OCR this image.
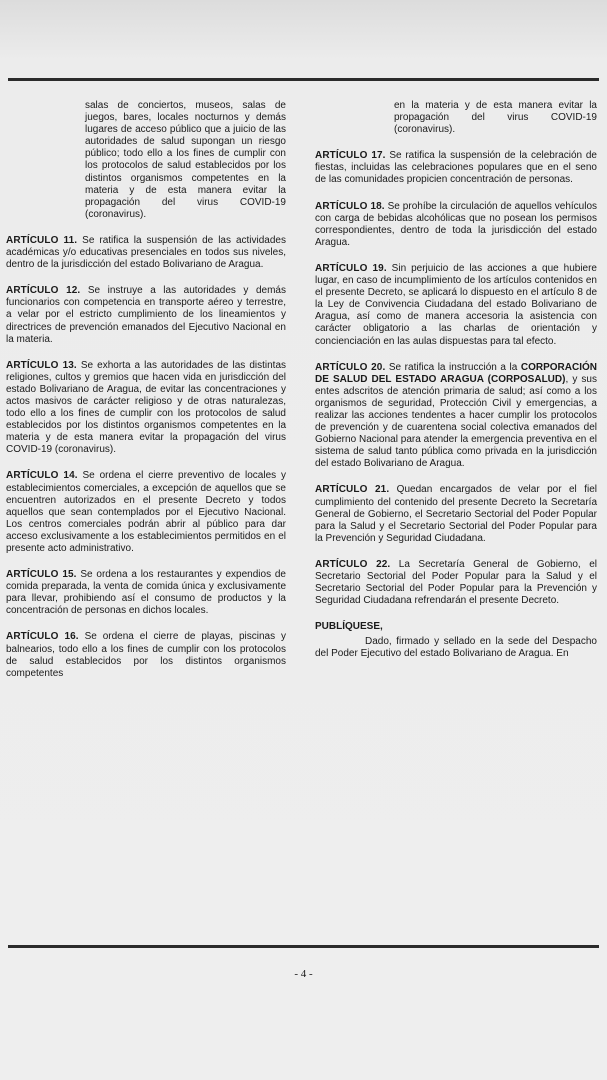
salas de conciertos, museos, salas de juegos, bares, locales nocturnos y demás lugares de acceso público que a juicio de las autoridades de salud supongan un riesgo público; todo ello a los fines de cumplir con los protocolos de salud establecidos por los distintos organismos competentes en la materia y de esta manera evitar la propagación del virus COVID-19 (coronavirus).
ARTÍCULO 11. Se ratifica la suspensión de las actividades académicas y/o educativas presenciales en todos sus niveles, dentro de la jurisdicción del estado Bolivariano de Aragua.
ARTÍCULO 12. Se instruye a las autoridades y demás funcionarios con competencia en transporte aéreo y terrestre, a velar por el estricto cumplimiento de los lineamientos y directrices de prevención emanados del Ejecutivo Nacional en la materia.
ARTÍCULO 13. Se exhorta a las autoridades de las distintas religiones, cultos y gremios que hacen vida en jurisdicción del estado Bolivariano de Aragua, de evitar las concentraciones y actos masivos de carácter religioso y de otras naturalezas, todo ello a los fines de cumplir con los protocolos de salud establecidos por los distintos organismos competentes en la materia y de esta manera evitar la propagación del virus COVID-19 (coronavirus).
ARTÍCULO 14. Se ordena el cierre preventivo de locales y establecimientos comerciales, a excepción de aquellos que se encuentren autorizados en el presente Decreto y todos aquellos que sean contemplados por el Ejecutivo Nacional. Los centros comerciales podrán abrir al público para dar acceso exclusivamente a los establecimientos permitidos en el presente acto administrativo.
ARTÍCULO 15. Se ordena a los restaurantes y expendios de comida preparada, la venta de comida única y exclusivamente para llevar, prohibiendo así el consumo de productos y la concentración de personas en dichos locales.
ARTÍCULO 16. Se ordena el cierre de playas, piscinas y balnearios, todo ello a los fines de cumplir con los protocolos de salud establecidos por los distintos organismos competentes
en la materia y de esta manera evitar la propagación del virus COVID-19 (coronavirus).
ARTÍCULO 17. Se ratifica la suspensión de la celebración de fiestas, incluidas las celebraciones populares que en el seno de las comunidades propicien concentración de personas.
ARTÍCULO 18. Se prohíbe la circulación de aquellos vehículos con carga de bebidas alcohólicas que no posean los permisos correspondientes, dentro de toda la jurisdicción del estado Aragua.
ARTÍCULO 19. Sin perjuicio de las acciones a que hubiere lugar, en caso de incumplimiento de los artículos contenidos en el presente Decreto, se aplicará lo dispuesto en el artículo 8 de la Ley de Convivencia Ciudadana del estado Bolivariano de Aragua, así como de manera accesoria la asistencia con carácter obligatorio a las charlas de orientación y concienciación en las aulas dispuestas para tal efecto.
ARTÍCULO 20. Se ratifica la instrucción a la CORPORACIÓN DE SALUD DEL ESTADO ARAGUA (CORPOSALUD), y sus entes adscritos de atención primaria de salud; así como a los organismos de seguridad, Protección Civil y emergencias, a realizar las acciones tendentes a hacer cumplir los protocolos de prevención y de cuarentena social colectiva emanados del Gobierno Nacional para atender la emergencia preventiva en el sistema de salud tanto pública como privada en la jurisdicción del estado Bolivariano de Aragua.
ARTÍCULO 21. Quedan encargados de velar por el fiel cumplimiento del contenido del presente Decreto la Secretaría General de Gobierno, el Secretario Sectorial del Poder Popular para la Salud y el Secretario Sectorial del Poder Popular para la Prevención y Seguridad Ciudadana.
ARTÍCULO 22. La Secretaría General de Gobierno, el Secretario Sectorial del Poder Popular para la Salud y el Secretario Sectorial del Poder Popular para la Prevención y Seguridad Ciudadana refrendarán el presente Decreto.
PUBLÍQUESE,
Dado, firmado y sellado en la sede del Despacho del Poder Ejecutivo del estado Bolivariano de Aragua. En
- 4 -
